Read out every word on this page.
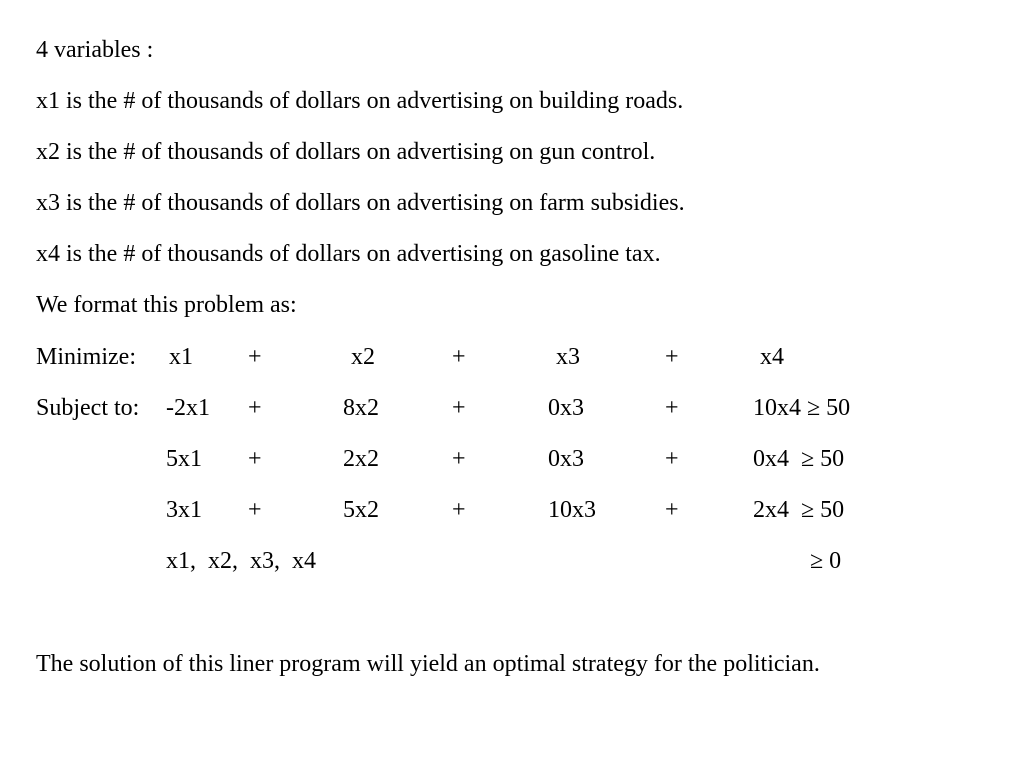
4 variables :
x1 is the # of thousands of dollars on advertising on building roads.
x2 is the # of thousands of dollars on advertising on gun control.
x3 is the # of thousands of dollars on advertising on farm subsidies.
x4 is the # of thousands of dollars on advertising on gasoline tax.
We format this problem as:
Minimize: x1 +	x2	+	x3	+	x4
Subject to: -2x1 +	8x2	+	0x3	+	10x4 ≥ 50
5x1 +	2x2	+	0x3	+	0x4  ≥ 50
3x1 +	5x2	+	10x3	+	2x4  ≥ 50
x1,  x2,  x3,  x4	≥ 0
The solution of this liner program will yield an optimal strategy for the politician.
